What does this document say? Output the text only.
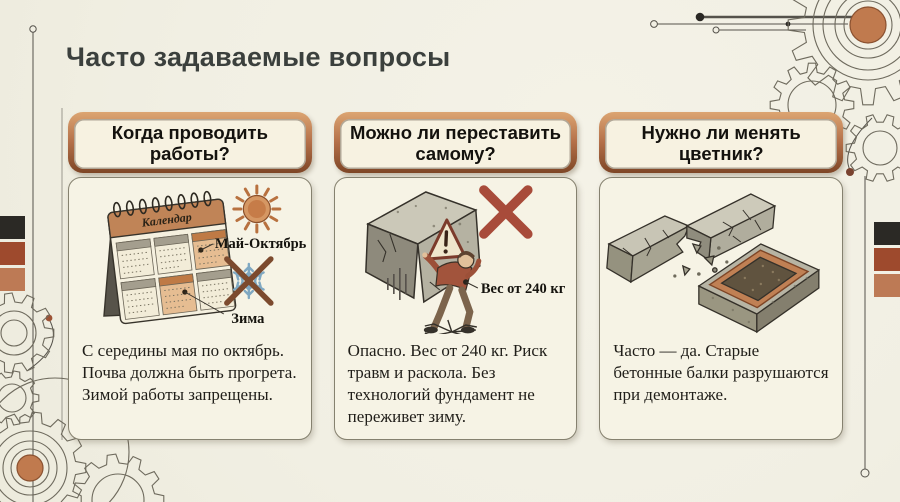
Часто задаваемые вопросы
Когда проводить работы?
Календар
Май-Октябрь
Зима
С середины мая по октябрь. Почва должна быть прогрета. Зимой работы запрещены.
Можно ли переставить самому?
Вес от 240 кг
Опасно. Вес от 240 кг. Риск травм и раскола. Без технологий фундамент не переживет зиму.
Нужно ли менять цветник?
Часто — да. Старые бетонные балки разрушаются при демонтаже.
